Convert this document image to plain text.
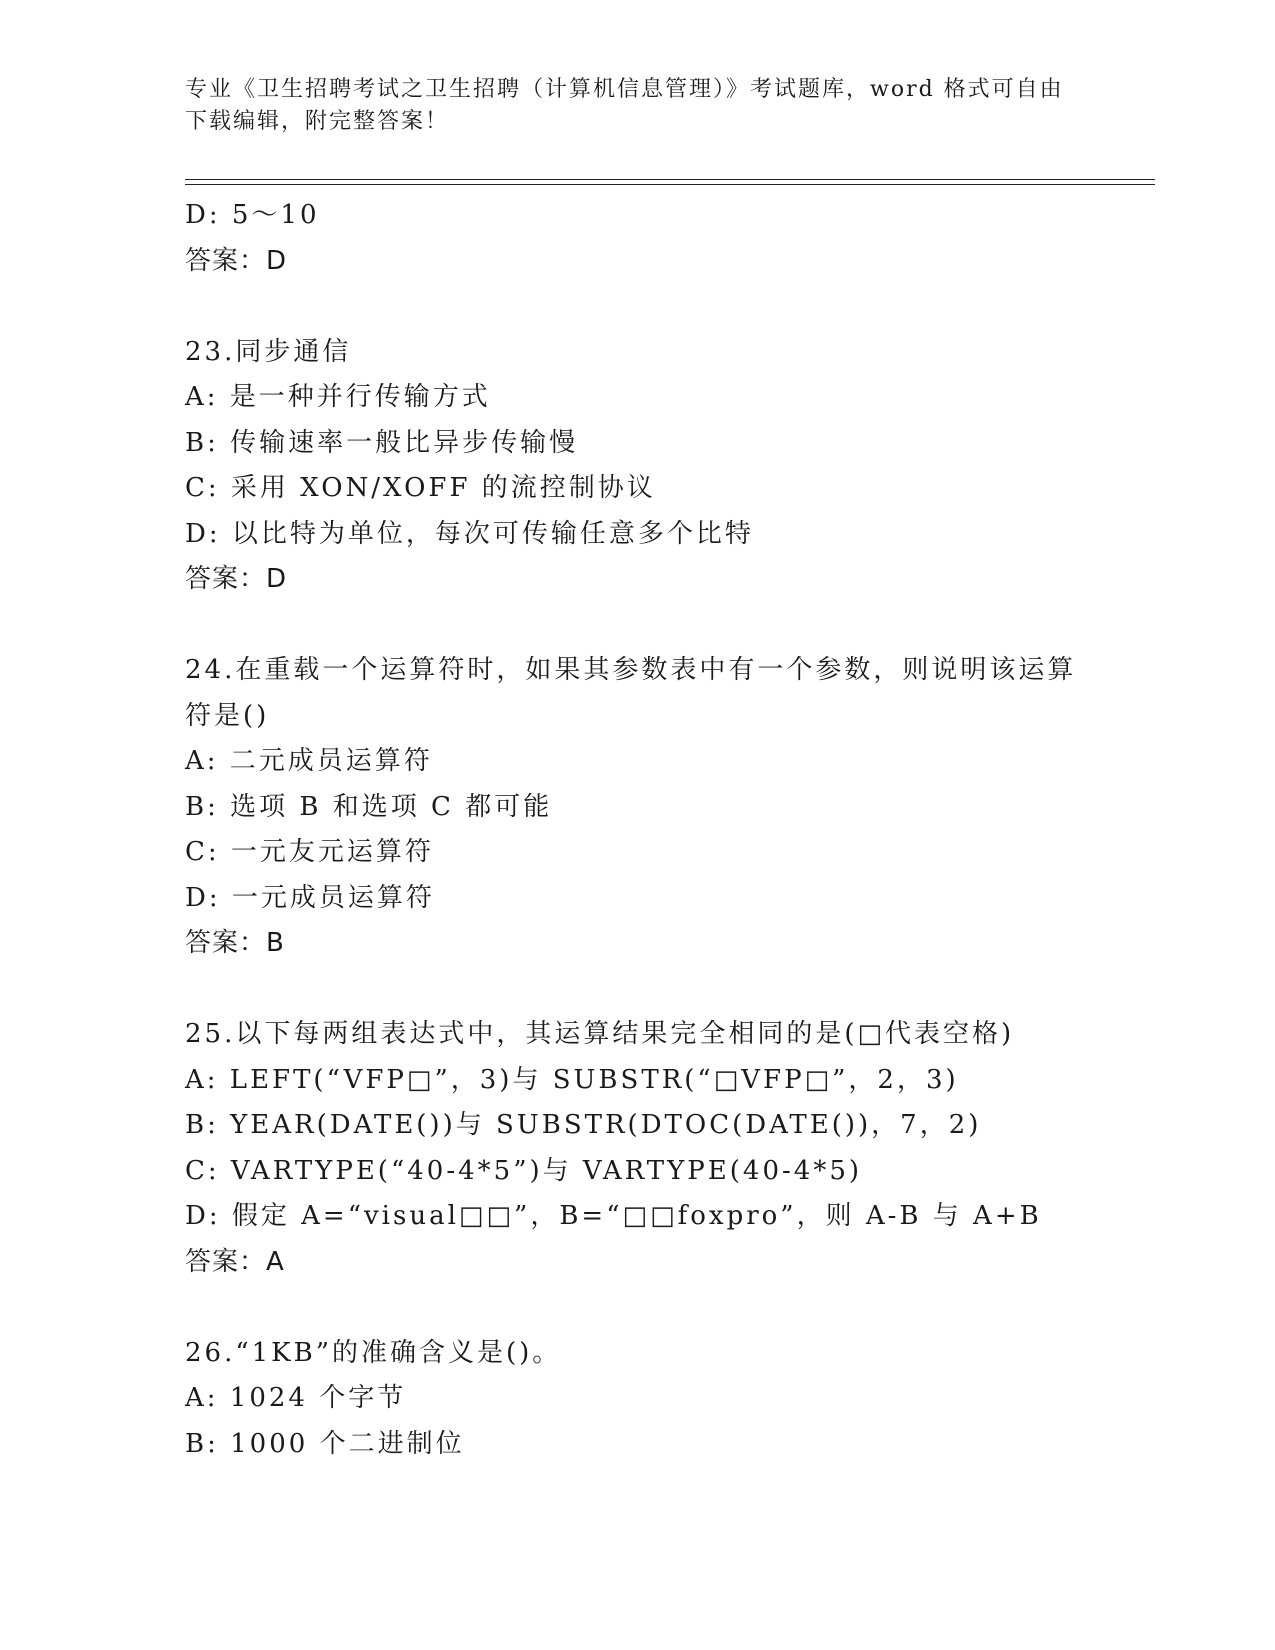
专业《卫生招聘考试之卫生招聘（计算机信息管理）》考试题库，word 格式可自由下载编辑，附完整答案！
D: 5～10
答案：D
23.同步通信
A: 是一种并行传输方式
B: 传输速率一般比异步传输慢
C: 采用 XON/XOFF 的流控制协议
D: 以比特为单位，每次可传输任意多个比特
答案：D
24.在重载一个运算符时，如果其参数表中有一个参数，则说明该运算符是()
A: 二元成员运算符
B: 选项 B 和选项 C 都可能
C: 一元友元运算符
D: 一元成员运算符
答案：B
25.以下每两组表达式中，其运算结果完全相同的是(□代表空格)
A: LEFT(“VFP□”，3)与 SUBSTR(“□VFP□”，2，3)
B: YEAR(DATE())与 SUBSTR(DTOC(DATE())，7，2)
C: VARTYPE(“40-4*5”)与 VARTYPE(40-4*5)
D: 假定 A=“visual□□”，B=“□□foxpro”，则 A-B 与 A+B
答案：A
26.“1KB”的准确含义是()。
A: 1024 个字节
B: 1000 个二进制位
